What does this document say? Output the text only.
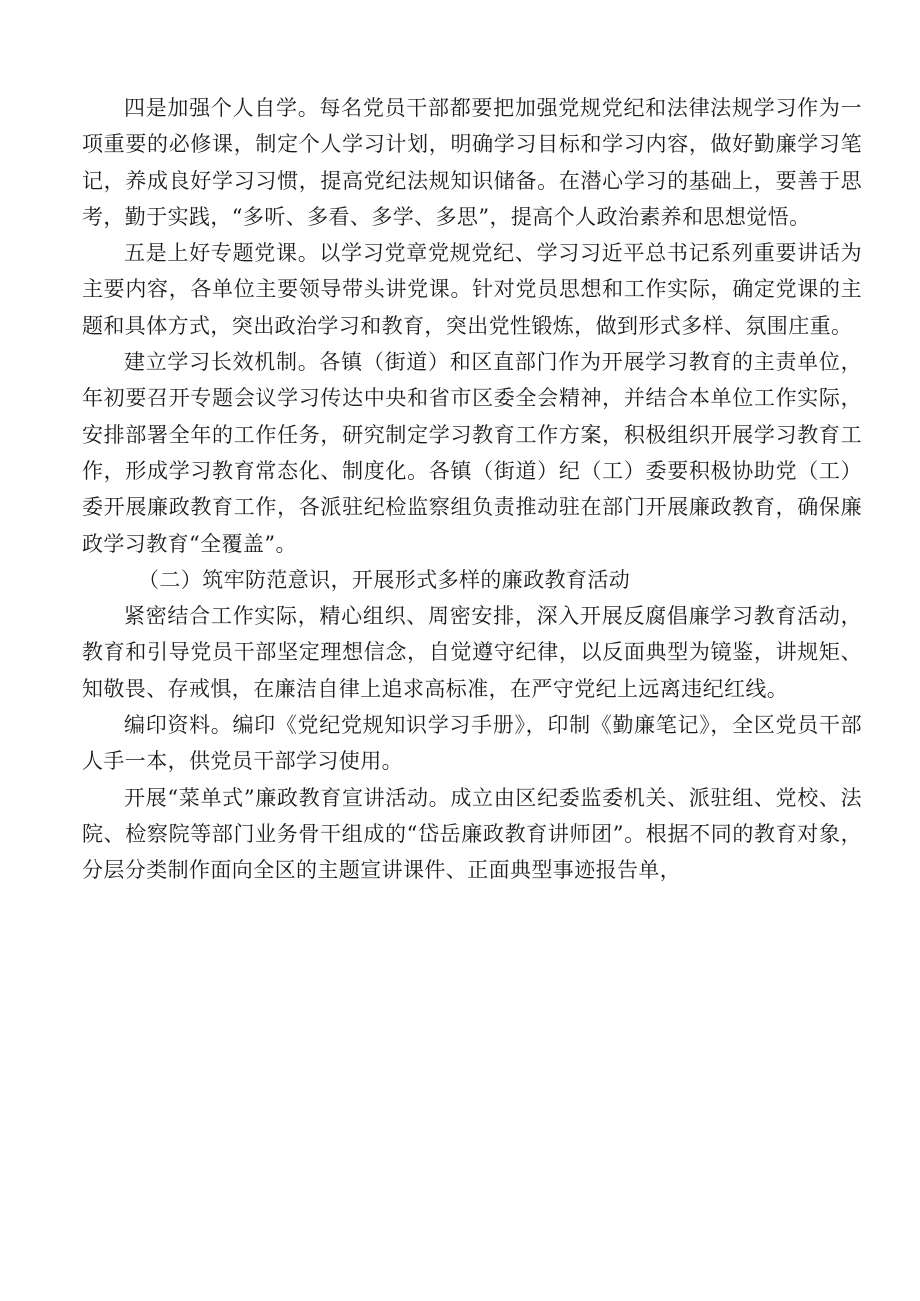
四是加强个人自学。每名党员干部都要把加强党规党纪和法律法规学习作为一项重要的必修课，制定个人学习计划，明确学习目标和学习内容，做好勤廉学习笔记，养成良好学习习惯，提高党纪法规知识储备。在潜心学习的基础上，要善于思考，勤于实践，“多听、多看、多学、多思”，提高个人政治素养和思想觉悟。

五是上好专题党课。以学习党章党规党纪、学习习近平总书记系列重要讲话为主要内容，各单位主要领导带头讲党课。针对党员思想和工作实际，确定党课的主题和具体方式，突出政治学习和教育，突出党性锻炼，做到形式多样、氛围庄重。

建立学习长效机制。各镇（街道）和区直部门作为开展学习教育的主责单位，年初要召开专题会议学习传达中央和省市区委全会精神，并结合本单位工作实际，安排部署全年的工作任务，研究制定学习教育工作方案，积极组织开展学习教育工作，形成学习教育常态化、制度化。各镇（街道）纪（工）委要积极协助党（工）委开展廉政教育工作，各派驻纪检监察组负责推动驻在部门开展廉政教育，确保廉政学习教育“全覆盖”。

（二）筑牢防范意识，开展形式多样的廉政教育活动

紧密结合工作实际，精心组织、周密安排，深入开展反腐倡廉学习教育活动，教育和引导党员干部坚定理想信念，自觉遵守纪律，以反面典型为镜鉴，讲规矩、知敬畏、存戒惧，在廉洁自律上追求高标准，在严守党纪上远离违纪红线。

编印资料。编印《党纪党规知识学习手册》，印制《勤廉笔记》，全区党员干部人手一本，供党员干部学习使用。

开展“菜单式”廉政教育宣讲活动。成立由区纪委监委机关、派驻组、党校、法院、检察院等部门业务骨干组成的“岱岳廉政教育讲师团”。根据不同的教育对象，分层分类制作面向全区的主题宣讲课件、正面典型事迹报告单，
